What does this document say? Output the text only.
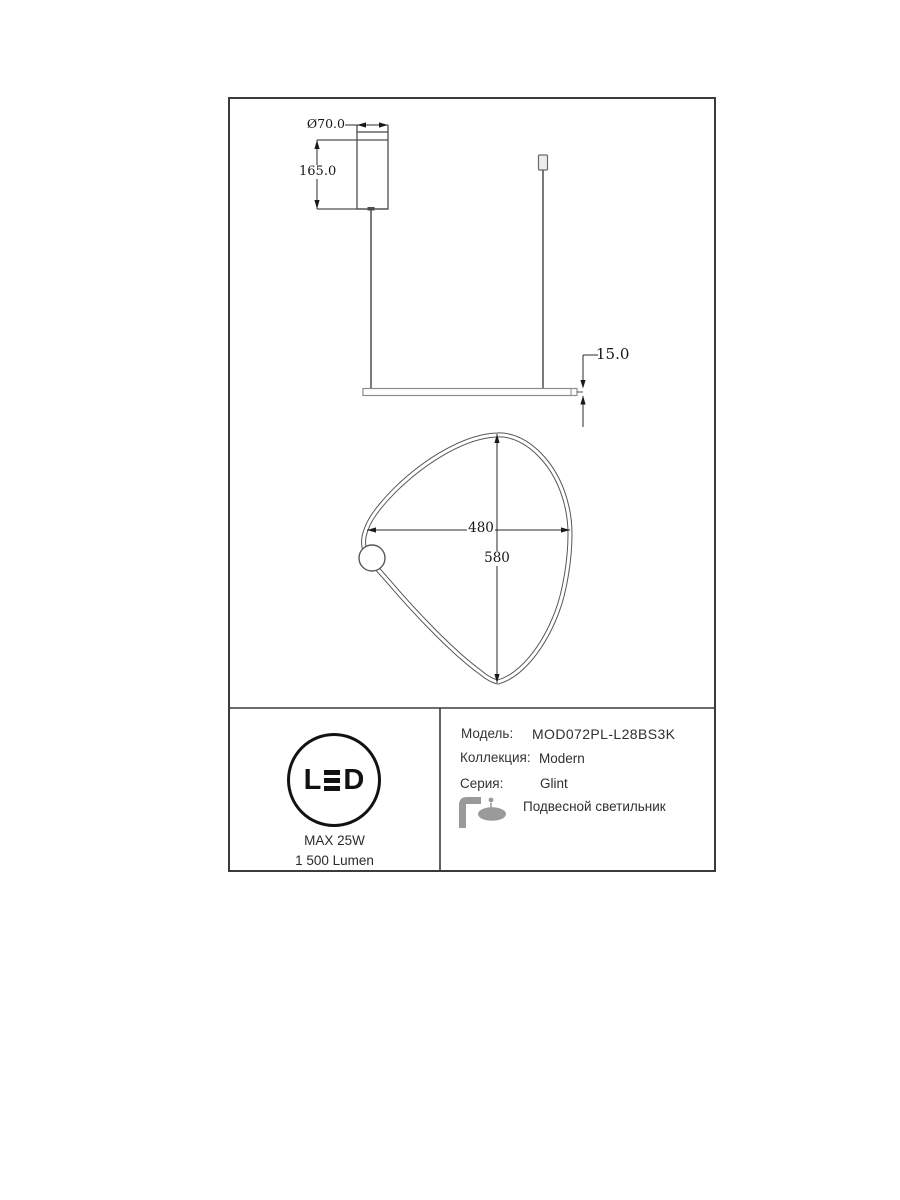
Ø70.0
165.0
15.0
480
580
L D
MAX 25W
1 500 Lumen
Модель: MOD072PL-L28BS3K
Коллекция: Modern
Серия:	Glint
Подвесной светильник
